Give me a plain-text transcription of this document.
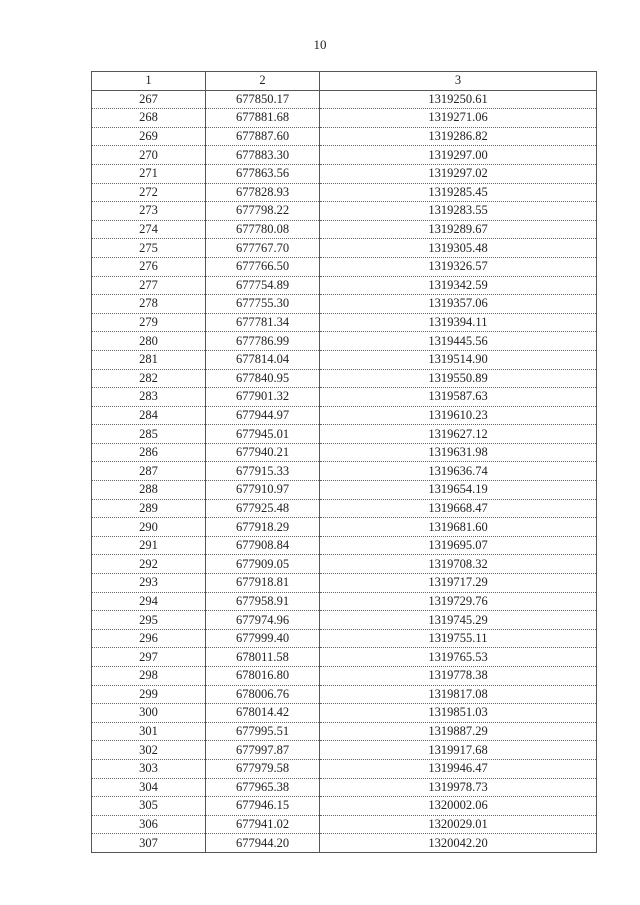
10
1	2	3
267	677850.17	1319250.61
268	677881.68	1319271.06
269	677887.60	1319286.82
270	677883.30	1319297.00
271	677863.56	1319297.02
272	677828.93	1319285.45
273	677798.22	1319283.55
274	677780.08	1319289.67
275	677767.70	1319305.48
276	677766.50	1319326.57
277	677754.89	1319342.59
278	677755.30	1319357.06
279	677781.34	1319394.11
280	677786.99	1319445.56
281	677814.04	1319514.90
282	677840.95	1319550.89
283	677901.32	1319587.63
284	677944.97	1319610.23
285	677945.01	1319627.12
286	677940.21	1319631.98
287	677915.33	1319636.74
288	677910.97	1319654.19
289	677925.48	1319668.47
290	677918.29	1319681.60
291	677908.84	1319695.07
292	677909.05	1319708.32
293	677918.81	1319717.29
294	677958.91	1319729.76
295	677974.96	1319745.29
296	677999.40	1319755.11
297	678011.58	1319765.53
298	678016.80	1319778.38
299	678006.76	1319817.08
300	678014.42	1319851.03
301	677995.51	1319887.29
302	677997.87	1319917.68
303	677979.58	1319946.47
304	677965.38	1319978.73
305	677946.15	1320002.06
306	677941.02	1320029.01
307	677944.20	1320042.20
